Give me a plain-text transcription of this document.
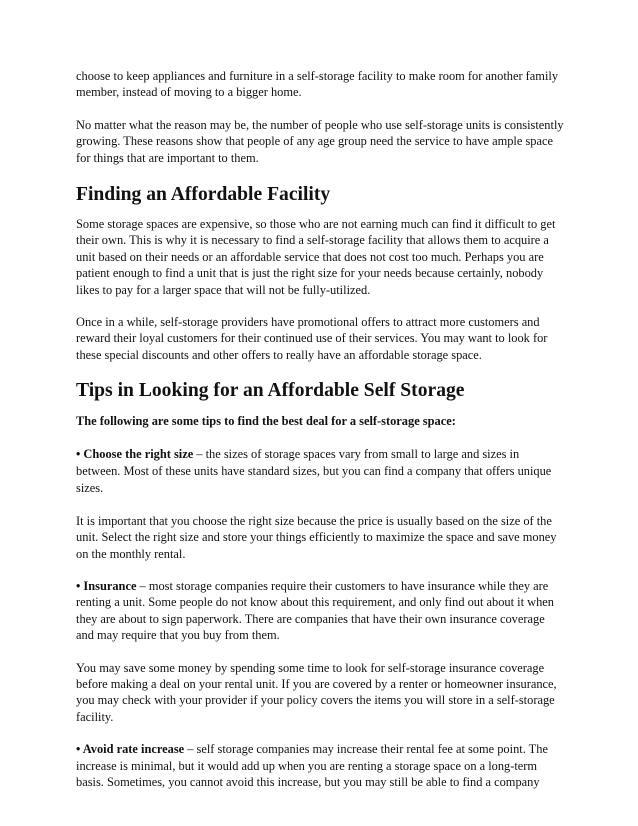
choose to keep appliances and furniture in a self-storage facility to make room for another family member, instead of moving to a bigger home.

No matter what the reason may be, the number of people who use self-storage units is consistently growing. These reasons show that people of any age group need the service to have ample space for things that are important to them.

Finding an Affordable Facility

Some storage spaces are expensive, so those who are not earning much can find it difficult to get their own. This is why it is necessary to find a self-storage facility that allows them to acquire a unit based on their needs or an affordable service that does not cost too much. Perhaps you are patient enough to find a unit that is just the right size for your needs because certainly, nobody likes to pay for a larger space that will not be fully-utilized.

Once in a while, self-storage providers have promotional offers to attract more customers and reward their loyal customers for their continued use of their services. You may want to look for these special discounts and other offers to really have an affordable storage space.

Tips in Looking for an Affordable Self Storage

The following are some tips to find the best deal for a self-storage space:

• Choose the right size – the sizes of storage spaces vary from small to large and sizes in between. Most of these units have standard sizes, but you can find a company that offers unique sizes.

It is important that you choose the right size because the price is usually based on the size of the unit. Select the right size and store your things efficiently to maximize the space and save money on the monthly rental.

• Insurance – most storage companies require their customers to have insurance while they are renting a unit. Some people do not know about this requirement, and only find out about it when they are about to sign paperwork. There are companies that have their own insurance coverage and may require that you buy from them.

You may save some money by spending some time to look for self-storage insurance coverage before making a deal on your rental unit. If you are covered by a renter or homeowner insurance, you may check with your provider if your policy covers the items you will store in a self-storage facility.

• Avoid rate increase – self storage companies may increase their rental fee at some point. The increase is minimal, but it would add up when you are renting a storage space on a long-term basis. Sometimes, you cannot avoid this increase, but you may still be able to find a company
